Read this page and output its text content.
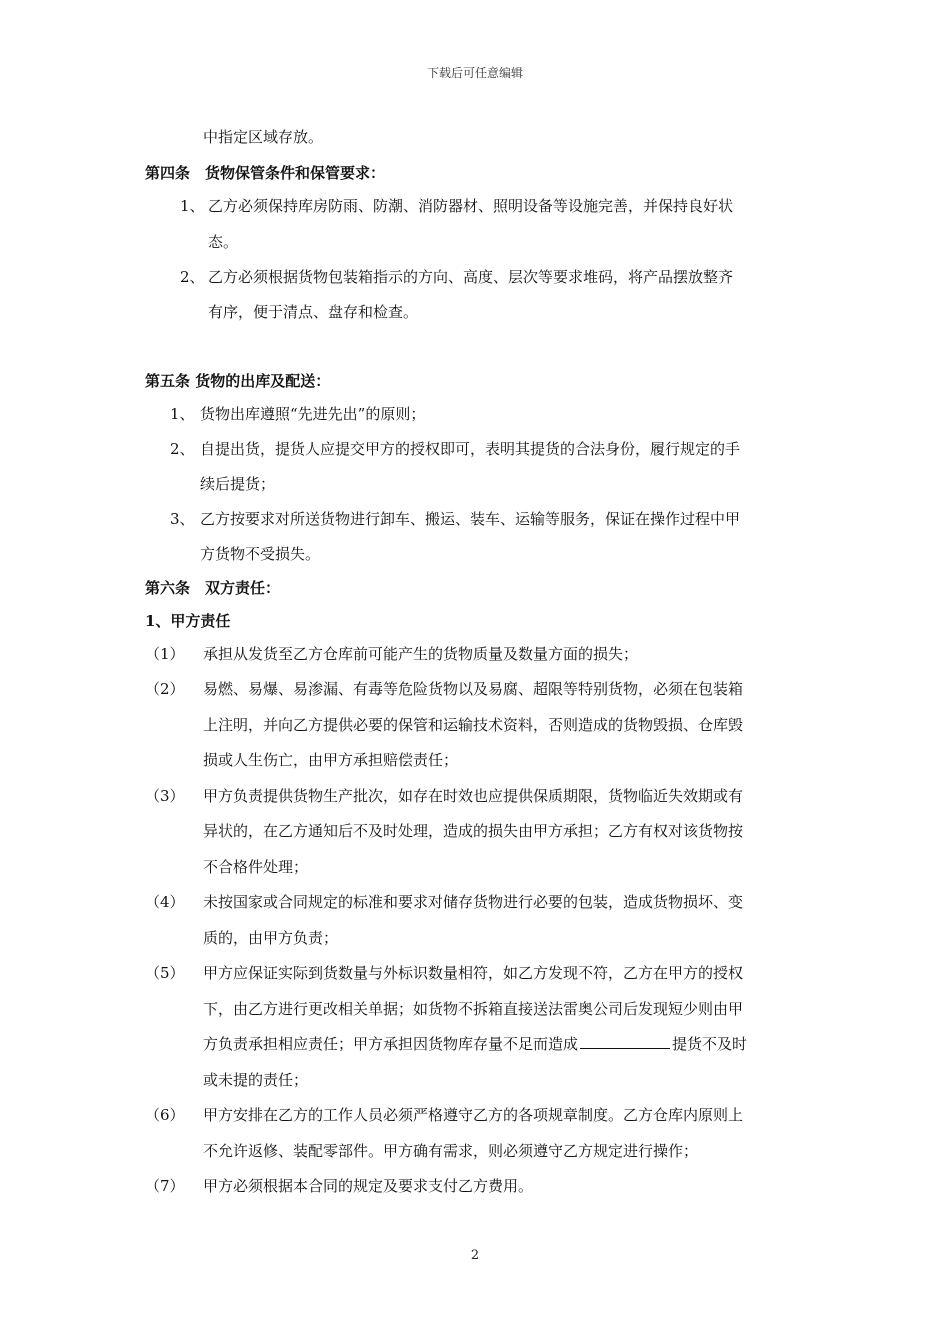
下载后可任意编辑
中指定区域存放。
第四条　货物保管条件和保管要求：
1、 乙方必须保持库房防雨、防潮、消防器材、照明设备等设施完善，并保持良好状
态。
2、 乙方必须根据货物包装箱指示的方向、高度、层次等要求堆码，将产品摆放整齐
有序，便于清点、盘存和检查。
第五条 货物的出库及配送：
1、 货物出库遵照“先进先出”的原则；
2、 自提出货，提货人应提交甲方的授权即可，表明其提货的合法身份，履行规定的手
续后提货；
3、 乙方按要求对所送货物进行卸车、搬运、装车、运输等服务，保证在操作过程中甲
方货物不受损失。
第六条　双方责任：
1、甲方责任
（1） 承担从发货至乙方仓库前可能产生的货物质量及数量方面的损失；
（2） 易燃、易爆、易渗漏、有毒等危险货物以及易腐、超限等特别货物，必须在包装箱
上注明，并向乙方提供必要的保管和运输技术资料，否则造成的货物毁损、仓库毁
损或人生伤亡，由甲方承担赔偿责任；
（3） 甲方负责提供货物生产批次，如存在时效也应提供保质期限，货物临近失效期或有
异状的，在乙方通知后不及时处理，造成的损失由甲方承担；乙方有权对该货物按
不合格件处理；
（4） 未按国家或合同规定的标准和要求对储存货物进行必要的包装，造成货物损坏、变
质的，由甲方负责；
（5） 甲方应保证实际到货数量与外标识数量相符，如乙方发现不符，乙方在甲方的授权
下，由乙方进行更改相关单据；如货物不拆箱直接送法雷奥公司后发现短少则由甲
方负责承担相应责任；甲方承担因货物库存量不足而造成	提货不及时
或未提的责任；
（6） 甲方安排在乙方的工作人员必须严格遵守乙方的各项规章制度。乙方仓库内原则上
不允许返修、装配零部件。甲方确有需求，则必须遵守乙方规定进行操作；
（7） 甲方必须根据本合同的规定及要求支付乙方费用。
2
